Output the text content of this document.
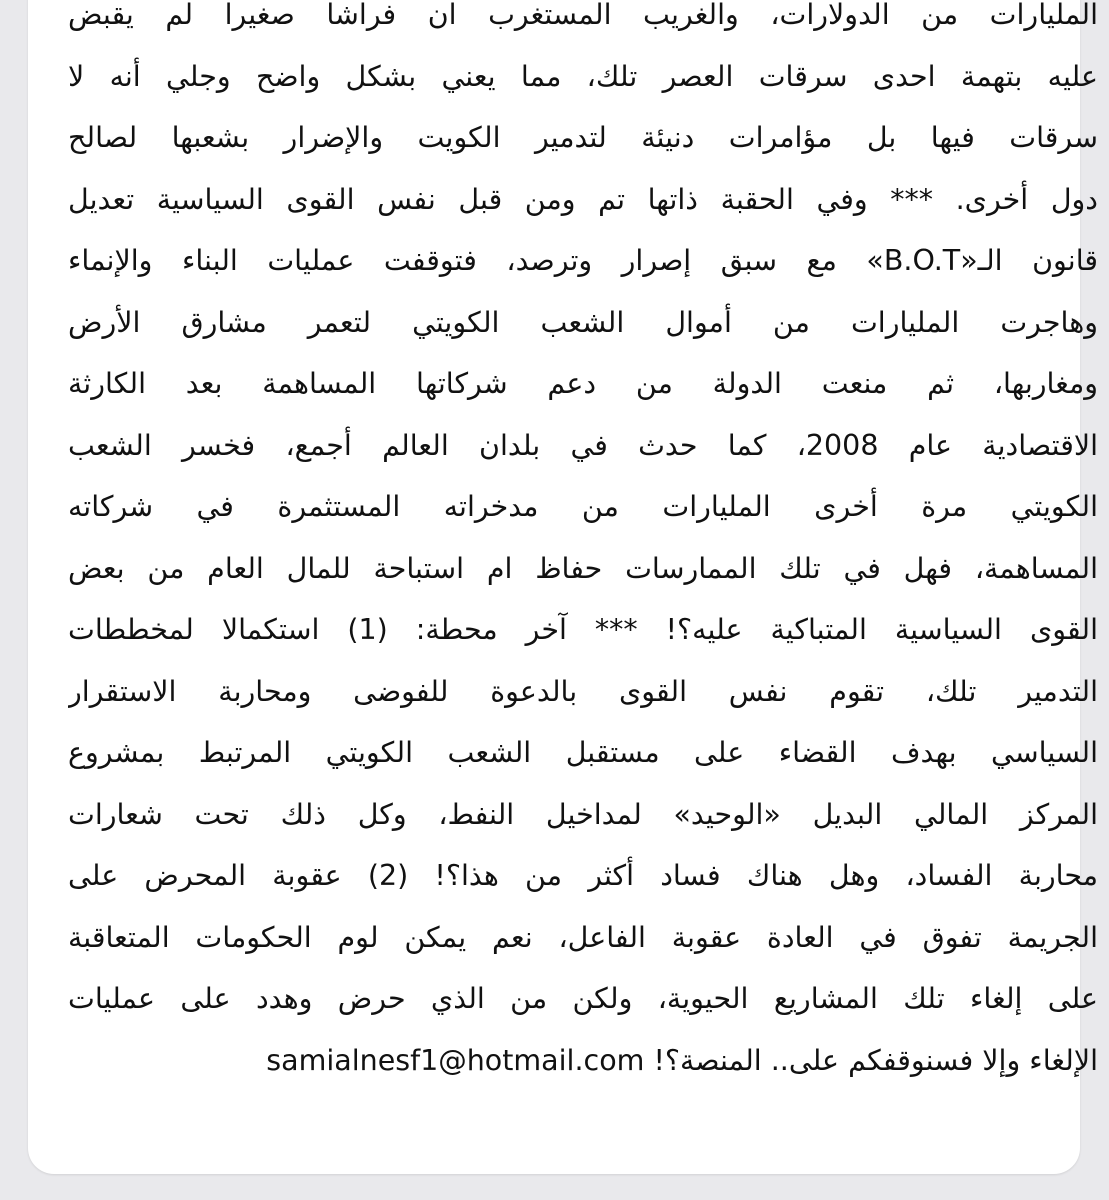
المليارات من الدولارات، والغريب المستغرب ان فراشا صغيرا لم يقبض
عليه بتهمة احدى سرقات العصر تلك، مما يعني بشكل واضح وجلي أنه لا
سرقات فيها بل مؤامرات دنيئة لتدمير الكويت والإضرار بشعبها لصالح
دول أخرى. *** وفي الحقبة ذاتها تم ومن قبل نفس القوى السياسية تعديل
قانون الـ«B.O.T» مع سبق إصرار وترصد، فتوقفت عمليات البناء والإنماء
وهاجرت المليارات من أموال الشعب الكويتي لتعمر مشارق الأرض
ومغاربها، ثم منعت الدولة من دعم شركاتها المساهمة بعد الكارثة
الاقتصادية عام 2008، كما حدث في بلدان العالم أجمع، فخسر الشعب
الكويتي مرة أخرى المليارات من مدخراته المستثمرة في شركاته
المساهمة، فهل في تلك الممارسات حفاظ ام استباحة للمال العام من بعض
القوى السياسية المتباكية عليه؟! *** آخر محطة: (1) استكمالا لمخططات
التدمير تلك، تقوم نفس القوى بالدعوة للفوضى ومحاربة الاستقرار
السياسي بهدف القضاء على مستقبل الشعب الكويتي المرتبط بمشروع
المركز المالي البديل «الوحيد» لمداخيل النفط، وكل ذلك تحت شعارات
محاربة الفساد، وهل هناك فساد أكثر من هذا؟! (2) عقوبة المحرض على
الجريمة تفوق في العادة عقوبة الفاعل، نعم يمكن لوم الحكومات المتعاقبة
على إلغاء تلك المشاريع الحيوية، ولكن من الذي حرض وهدد على عمليات
الإلغاء وإلا فسنوقفكم على.. المنصة؟! samialnesf1@hotmail.com
